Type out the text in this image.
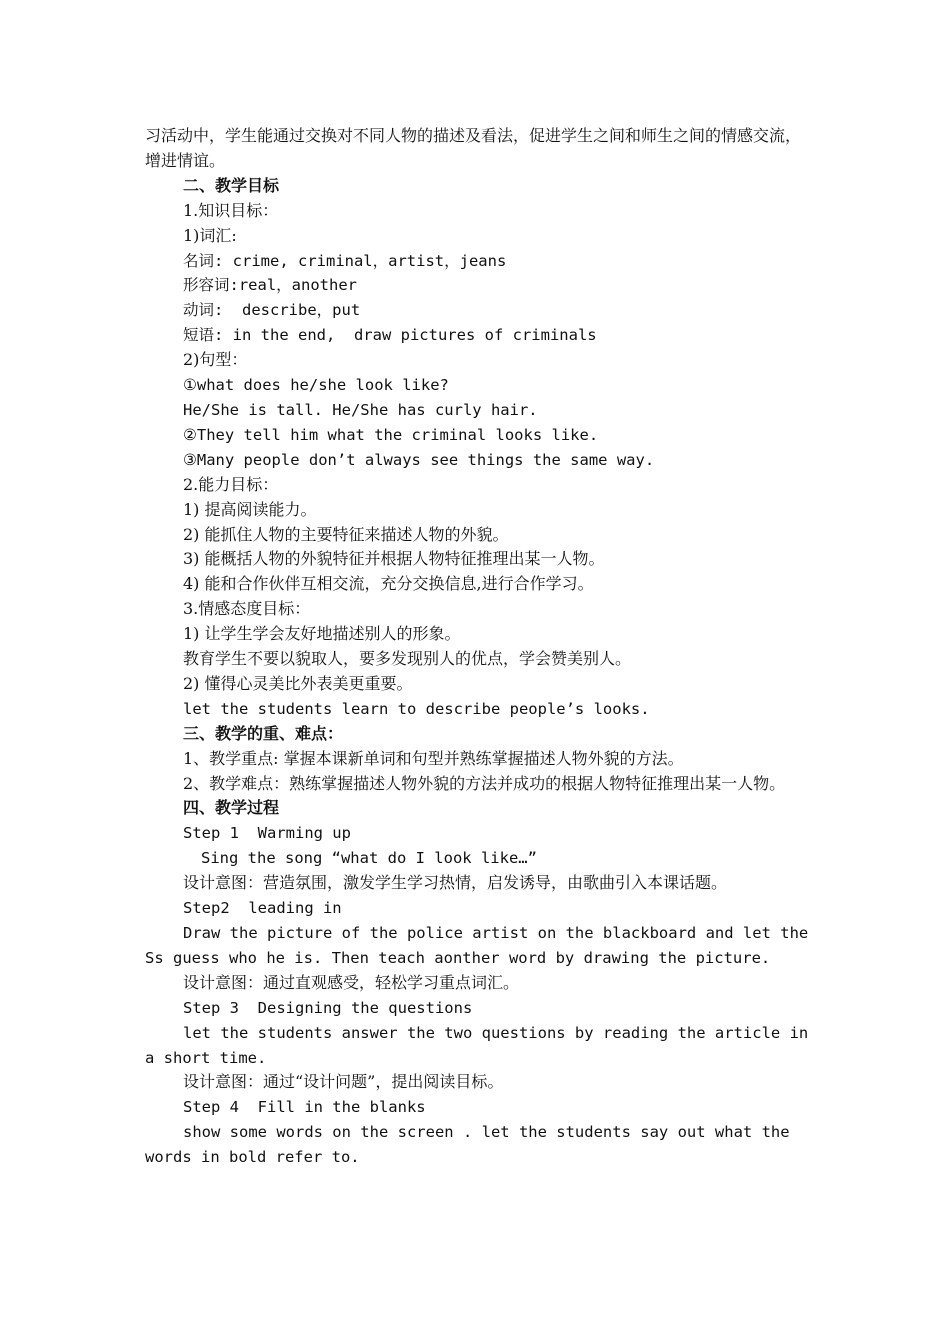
习活动中，学生能通过交换对不同人物的描述及看法，促进学生之间和师生之间的情感交流，增进情谊。

二、教学目标

1.知识目标：

1)词汇:

名词: crime, criminal，artist，jeans

形容词:real，another

动词:  describe，put

短语: in the end,  draw pictures of criminals

2)句型：

①what does he/she look like?

He/She is tall. He/She has curly hair.

②They tell him what the criminal looks like.

③Many people don’t always see things the same way.

2.能力目标：

1) 提高阅读能力。

2) 能抓住人物的主要特征来描述人物的外貌。

3) 能概括人物的外貌特征并根据人物特征推理出某一人物。

4) 能和合作伙伴互相交流，充分交换信息,进行合作学习。

3.情感态度目标：

1) 让学生学会友好地描述别人的形象。

教育学生不要以貌取人，要多发现别人的优点，学会赞美别人。

2) 懂得心灵美比外表美更重要。

let the students learn to describe people’s looks.

三、教学的重、难点：

1、教学重点: 掌握本课新单词和句型并熟练掌握描述人物外貌的方法。

2、教学难点：熟练掌握描述人物外貌的方法并成功的根据人物特征推理出某一人物。

四、教学过程

Step 1  Warming up

Sing the song “what do I look like…”

设计意图：营造氛围，激发学生学习热情，启发诱导，由歌曲引入本课话题。

Step2  leading in

Draw the picture of the police artist on the blackboard and let the Ss guess who he is. Then teach aonther word by drawing the picture.

设计意图：通过直观感受，轻松学习重点词汇。

Step 3  Designing the questions

let the students answer the two questions by reading the article in a short time.

设计意图：通过“设计问题”，提出阅读目标。

Step 4  Fill in the blanks

show some words on the screen . let the students say out what the words in bold refer to.
